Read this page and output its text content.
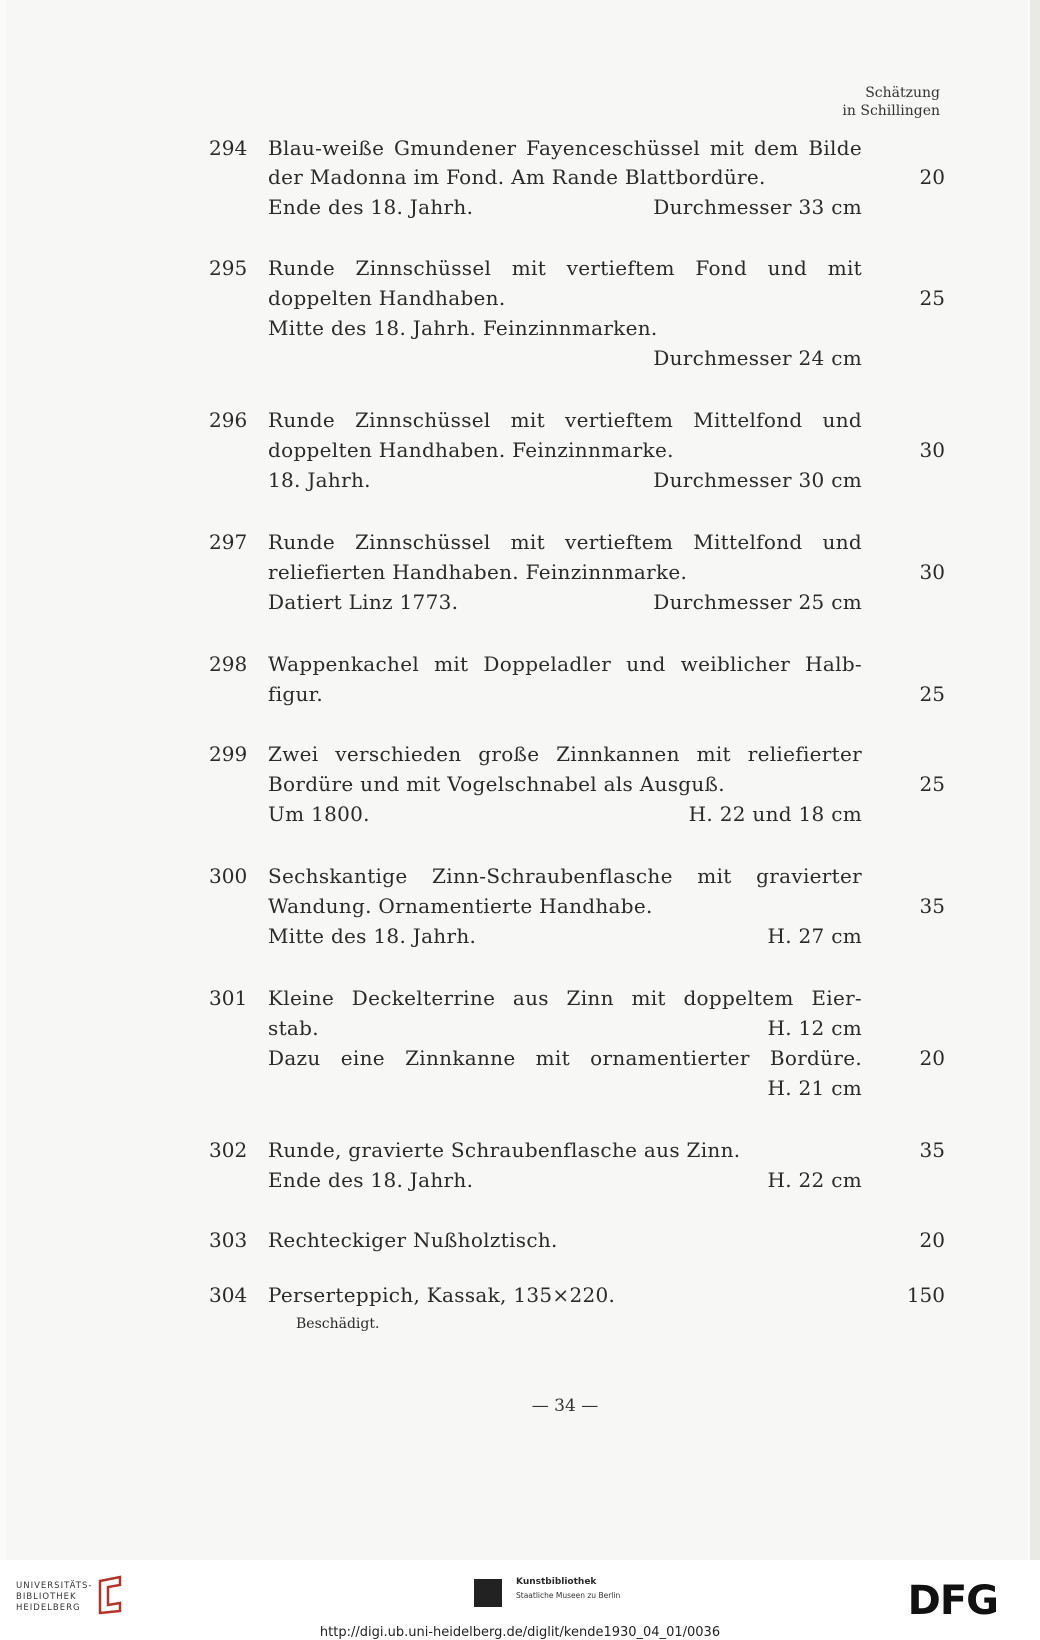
Schätzung
in Schillingen
294 Blau-weiße Gmundener Fayenceschüssel mit dem Bilde
der Madonna im Fond. Am Rande Blattbordüre.
Ende des 18. Jahrh.	Durchmesser 33 cm
20
295 Runde Zinnschüssel mit vertieftem Fond und mit
doppelten Handhaben.
Mitte des 18. Jahrh. Feinzinnmarken.
Durchmesser 24 cm
25
296 Runde Zinnschüssel mit vertieftem Mittelfond und
doppelten Handhaben. Feinzinnmarke.
18. Jahrh.	Durchmesser 30 cm
30
297 Runde Zinnschüssel mit vertieftem Mittelfond und
reliefierten Handhaben. Feinzinnmarke.
Datiert Linz 1773.	Durchmesser 25 cm
30
298 Wappenkachel mit Doppeladler und weiblicher Halb-
figur.	25
299 Zwei verschieden große Zinnkannen mit reliefierter
Bordüre und mit Vogelschnabel als Ausguß.
Um 1800.	H. 22 und 18 cm
25
300 Sechskantige Zinn-Schraubenflasche mit gravierter
Wandung. Ornamentierte Handhabe.
Mitte des 18. Jahrh.	H. 27 cm
35
301 Kleine Deckelterrine aus Zinn mit doppeltem Eier-
stab.	H. 12 cm
Dazu eine Zinnkanne mit ornamentierter Bordüre.
H. 21 cm
20
302 Runde, gravierte Schraubenflasche aus Zinn.
Ende des 18. Jahrh.	H. 22 cm
35
303 Rechteckiger Nußholztisch.	20
304 Perserteppich, Kassak, 135×220.
Beschädigt.
150
— 34 —
UNIVERSITÄTS-
BIBLIOTHEK
HEIDELBERG
Kunstbibliothek
Staatliche Museen zu Berlin	DFG
http://digi.ub.uni-heidelberg.de/diglit/kende1930_04_01/0036
